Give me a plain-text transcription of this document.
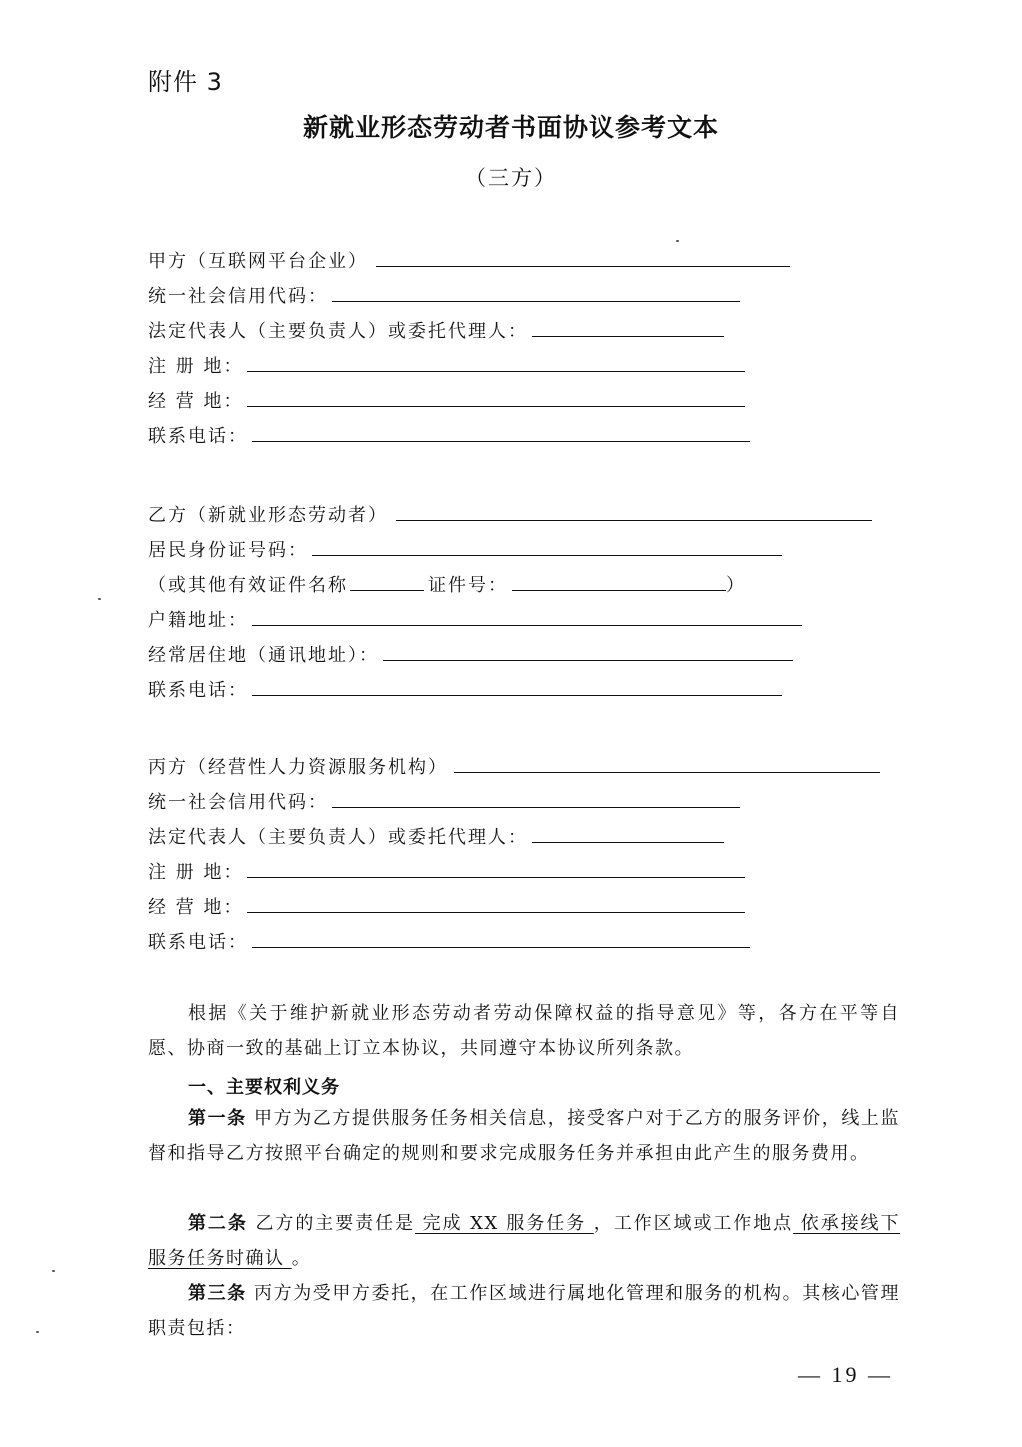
附件 3
新就业形态劳动者书面协议参考文本
（三方）
甲方（互联网平台企业）
统一社会信用代码：
法定代表人（主要负责人）或委托代理人：
注 册 地：
经 营 地：
联系电话：
乙方（新就业形态劳动者）
居民身份证号码：
（或其他有效证件名称	证件号：	）
户籍地址：
经常居住地（通讯地址）：
联系电话：
丙方（经营性人力资源服务机构）
统一社会信用代码：
法定代表人（主要负责人）或委托代理人：
注 册 地：
经 营 地：
联系电话：

根据《关于维护新就业形态劳动者劳动保障权益的指导意见》等，各方在平等自愿、协商一致的基础上订立本协议，共同遵守本协议所列条款。

一、主要权利义务

第一条 甲方为乙方提供服务任务相关信息，接受客户对于乙方的服务评价，线上监督和指导乙方按照平台确定的规则和要求完成服务任务并承担由此产生的服务费用。

第二条 乙方的主要责任是 完成 XX 服务任务 ，工作区域或工作地点 依承接线下服务任务时确认 。

第三条 丙方为受甲方委托，在工作区域进行属地化管理和服务的机构。其核心管理职责包括：

— 19 —
